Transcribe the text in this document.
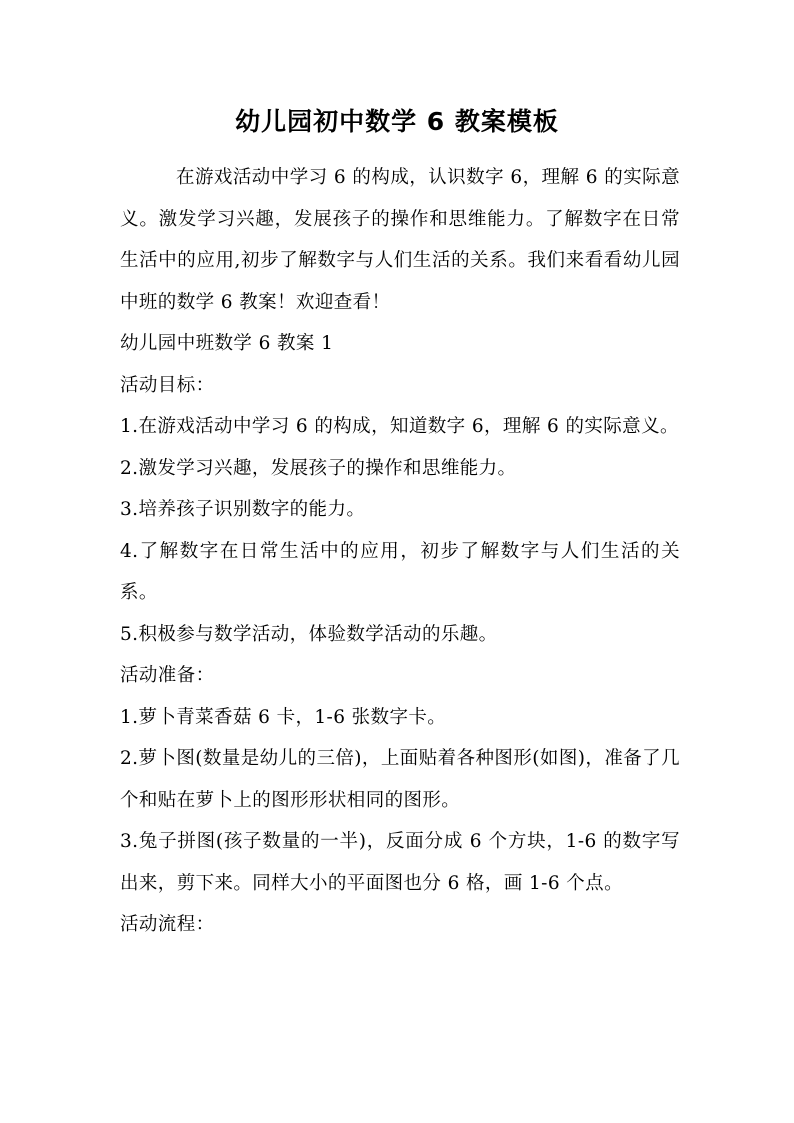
幼儿园初中数学 6 教案模板

在游戏活动中学习 6 的构成，认识数字 6，理解 6 的实际意义。激发学习兴趣，发展孩子的操作和思维能力。了解数字在日常生活中的应用,初步了解数字与人们生活的关系。我们来看看幼儿园中班的数学 6 教案！欢迎查看！

幼儿园中班数学 6 教案 1

活动目标：

1.在游戏活动中学习 6 的构成，知道数字 6，理解 6 的实际意义。

2.激发学习兴趣，发展孩子的操作和思维能力。

3.培养孩子识别数字的能力。

4.了解数字在日常生活中的应用，初步了解数字与人们生活的关系。

5.积极参与数学活动，体验数学活动的乐趣。

活动准备：

1.萝卜青菜香菇 6 卡，1-6 张数字卡。

2.萝卜图(数量是幼儿的三倍)，上面贴着各种图形(如图)，准备了几个和贴在萝卜上的图形形状相同的图形。

3.兔子拼图(孩子数量的一半)，反面分成 6 个方块，1-6 的数字写出来，剪下来。同样大小的平面图也分 6 格，画 1-6 个点。

活动流程：
